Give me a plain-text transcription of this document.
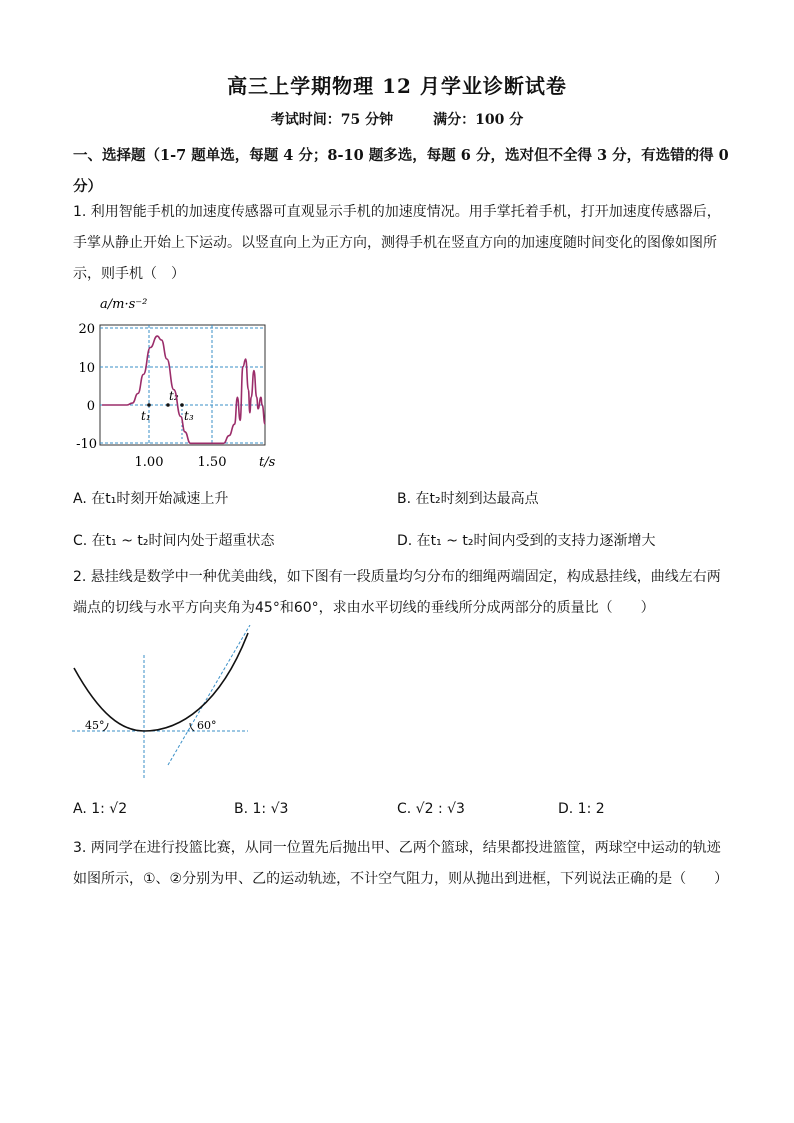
高三上学期物理 12 月学业诊断试卷
考试时间：75 分钟	满分：100 分
一、选择题（1-7 题单选，每题 4 分；8-10 题多选，每题 6 分，选对但不全得 3 分，有选错的得 0 分）
1. 利用智能手机的加速度传感器可直观显示手机的加速度情况。用手掌托着手机，打开加速度传感器后，手掌从静止开始上下运动。以竖直向上为正方向，测得手机在竖直方向的加速度随时间变化的图像如图所示，则手机（　）
a/m·s⁻²
20
10
0
-10
1.00	1.50	t/s
t₁
t₂
t₃
A. 在t₁时刻开始减速上升	B. 在t₂时刻到达最高点
C. 在t₁ ~ t₂时间内处于超重状态	D. 在t₁ ~ t₂时间内受到的支持力逐渐增大
2. 悬挂线是数学中一种优美曲线，如下图有一段质量均匀分布的细绳两端固定，构成悬挂线，曲线左右两端点的切线与水平方向夹角为45°和60°，求由水平切线的垂线所分成两部分的质量比（　　）
45°	60°
A. 1: √2	B. 1: √3	C. √2 : √3	D. 1: 2
3. 两同学在进行投篮比赛，从同一位置先后抛出甲、乙两个篮球，结果都投进篮筐，两球空中运动的轨迹如图所示，①、②分别为甲、乙的运动轨迹，不计空气阻力，则从抛出到进框，下列说法正确的是（　　）
